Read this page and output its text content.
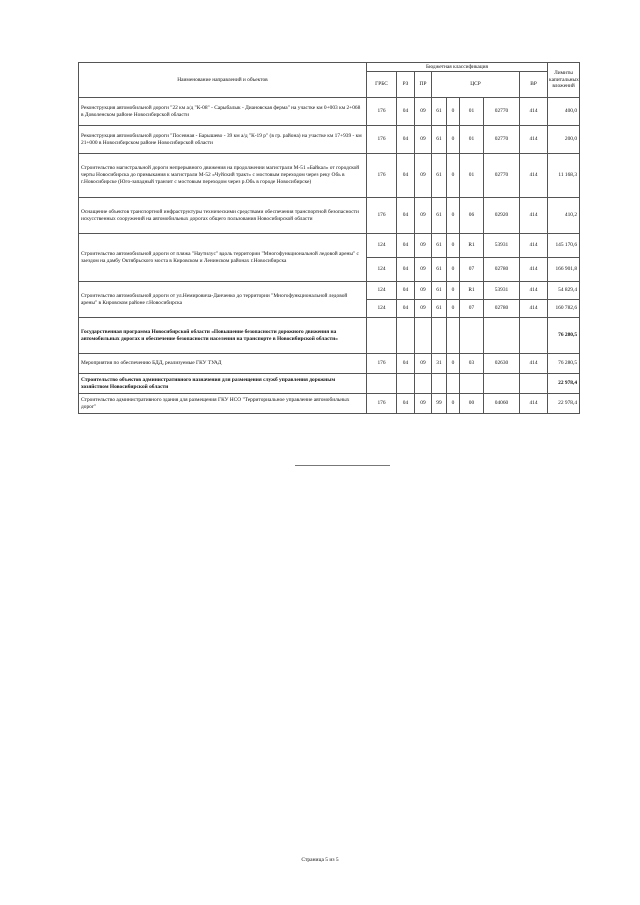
Наименование направлений и объектов	Бюджетная классификация								Лимиты капитальных вложений
	ГРБС	РЗ	ПР	ЦСР				ВР	
Реконструкция автомобильной дороги "22 км а/д "К-08" - Сарыбалык - Диановская ферма" на участке км 0+003 км 2+068 в Доволенском районе Новосибирской области	176	04	09	61	0	01	02770	414	400,0
Реконструкция автомобильной дороги "Посевная - Барышево - 39 км а/д "К-19 р" (в гр. района) на участке км 17+939 - км 21+000 в Новосибирском районе Новосибирской области	176	04	09	61	0	01	02770	414	200,0
Строительство магистральной дороги непрерывного движения на продолжении магистрали М-51 «Байкал» от городской черты Новосибирска до примыкания к магистрали М-52 «Чуйский тракт» с мостовым переходом через реку Обь в г.Новосибирске (Юго-западный транзит с мостовым переходом через р.Обь в городе Новосибирске)	176	04	09	61	0	01	02770	414	11 168,3
Оснащение объектов транспортной инфраструктуры техническими средствами обеспечения транспортной безопасности искусственных сооружений на автомобильных дорогах общего пользования Новосибирской области	176	04	09	61	0	06	02920	414	410,2
Строительство автомобильной дороги от пляжа "Наутилус" вдоль территории "Многофункциональной ледовой арены" с заездом на дамбу Октябрьского моста в Кировском и Ленинском районах г.Новосибирска	124	04	09	61	0	R1	53931	414	145 170,6
	124	04	09	61	0	07	02780	414	166 901,8
Строительство автомобильной дороги от ул.Немировича-Данченко до территории "Многофункциональной ледовой арены" в Кировском районе г.Новосибирска	124	04	09	61	0	R1	53931	414	54 829,4
	124	04	09	61	0	07	02780	414	160 782,6
Государственная программа Новосибирской области «Повышение безопасности дорожного движения на автомобильных дорогах и обеспечение безопасности населения на транспорте в Новосибирской области»									76 280,5
Мероприятия по обеспечению БДД, реализуемые ГКУ ТУАД	176	04	09	31	0	03	02630	414	76 280,5
Строительство объектов административного назначения для размещения служб управления дорожным хозяйством Новосибирской области									22 978,4
Строительство административного здания для размещения ГКУ НСО "Территориальное управление автомобильных дорог"	176	04	09	99	0	00	04060	414	22 978,4
Страница 5 из 5
